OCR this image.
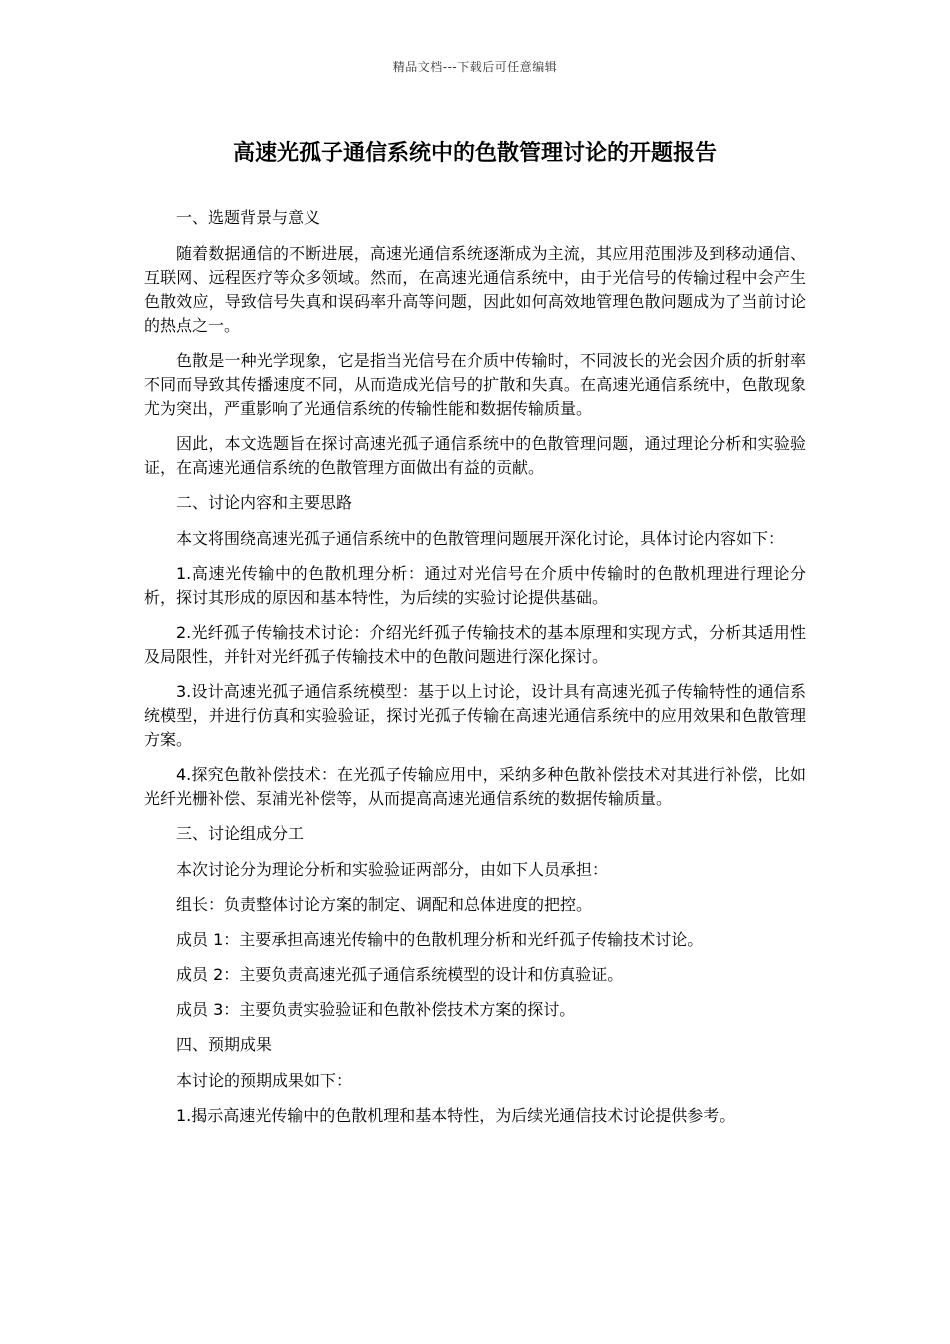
精品文档---下载后可任意编辑
高速光孤子通信系统中的色散管理讨论的开题报告

一、选题背景与意义

随着数据通信的不断进展，高速光通信系统逐渐成为主流，其应用范围涉及到移动通信、互联网、远程医疗等众多领域。然而，在高速光通信系统中，由于光信号的传输过程中会产生色散效应，导致信号失真和误码率升高等问题，因此如何高效地管理色散问题成为了当前讨论的热点之一。

色散是一种光学现象，它是指当光信号在介质中传输时，不同波长的光会因介质的折射率不同而导致其传播速度不同，从而造成光信号的扩散和失真。在高速光通信系统中，色散现象尤为突出，严重影响了光通信系统的传输性能和数据传输质量。

因此，本文选题旨在探讨高速光孤子通信系统中的色散管理问题，通过理论分析和实验验证，在高速光通信系统的色散管理方面做出有益的贡献。

二、讨论内容和主要思路

本文将围绕高速光孤子通信系统中的色散管理问题展开深化讨论，具体讨论内容如下：

1.高速光传输中的色散机理分析：通过对光信号在介质中传输时的色散机理进行理论分析，探讨其形成的原因和基本特性，为后续的实验讨论提供基础。

2.光纤孤子传输技术讨论：介绍光纤孤子传输技术的基本原理和实现方式，分析其适用性及局限性，并针对光纤孤子传输技术中的色散问题进行深化探讨。

3.设计高速光孤子通信系统模型：基于以上讨论，设计具有高速光孤子传输特性的通信系统模型，并进行仿真和实验验证，探讨光孤子传输在高速光通信系统中的应用效果和色散管理方案。

4.探究色散补偿技术：在光孤子传输应用中，采纳多种色散补偿技术对其进行补偿，比如光纤光栅补偿、泵浦光补偿等，从而提高高速光通信系统的数据传输质量。

三、讨论组成分工

本次讨论分为理论分析和实验验证两部分，由如下人员承担：

组长：负责整体讨论方案的制定、调配和总体进度的把控。

成员 1：主要承担高速光传输中的色散机理分析和光纤孤子传输技术讨论。

成员 2：主要负责高速光孤子通信系统模型的设计和仿真验证。

成员 3：主要负责实验验证和色散补偿技术方案的探讨。

四、预期成果

本讨论的预期成果如下：

1.揭示高速光传输中的色散机理和基本特性，为后续光通信技术讨论提供参考。
